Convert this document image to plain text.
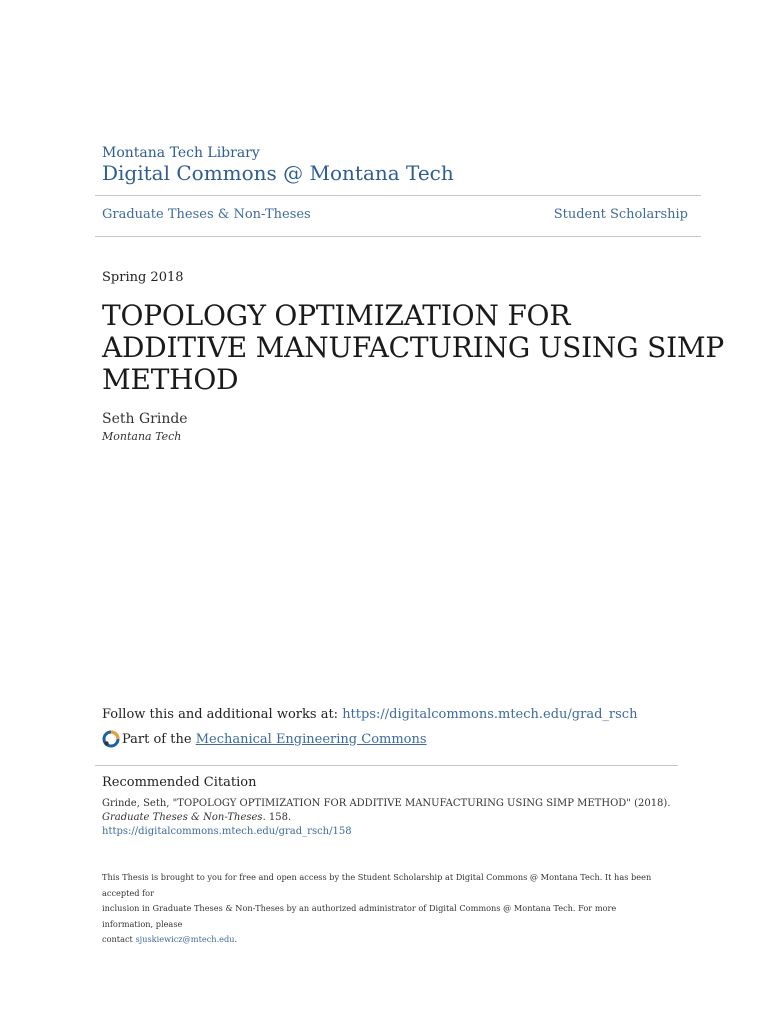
Montana Tech Library
Digital Commons @ Montana Tech
Graduate Theses & Non-Theses	Student Scholarship
Spring 2018
TOPOLOGY OPTIMIZATION FOR
ADDITIVE MANUFACTURING USING SIMP
METHOD
Seth Grinde
Montana Tech
Follow this and additional works at: https://digitalcommons.mtech.edu/grad_rsch
Part of the
Mechanical Engineering Commons
Recommended Citation
Grinde, Seth, "TOPOLOGY OPTIMIZATION FOR ADDITIVE MANUFACTURING USING SIMP METHOD" (2018).
Graduate Theses & Non-Theses. 158.
https://digitalcommons.mtech.edu/grad_rsch/158
This Thesis is brought to you for free and open access by the Student Scholarship at Digital Commons @ Montana Tech. It has been accepted for
inclusion in Graduate Theses & Non-Theses by an authorized administrator of Digital Commons @ Montana Tech. For more information, please
contact sjuskiewicz@mtech.edu.
